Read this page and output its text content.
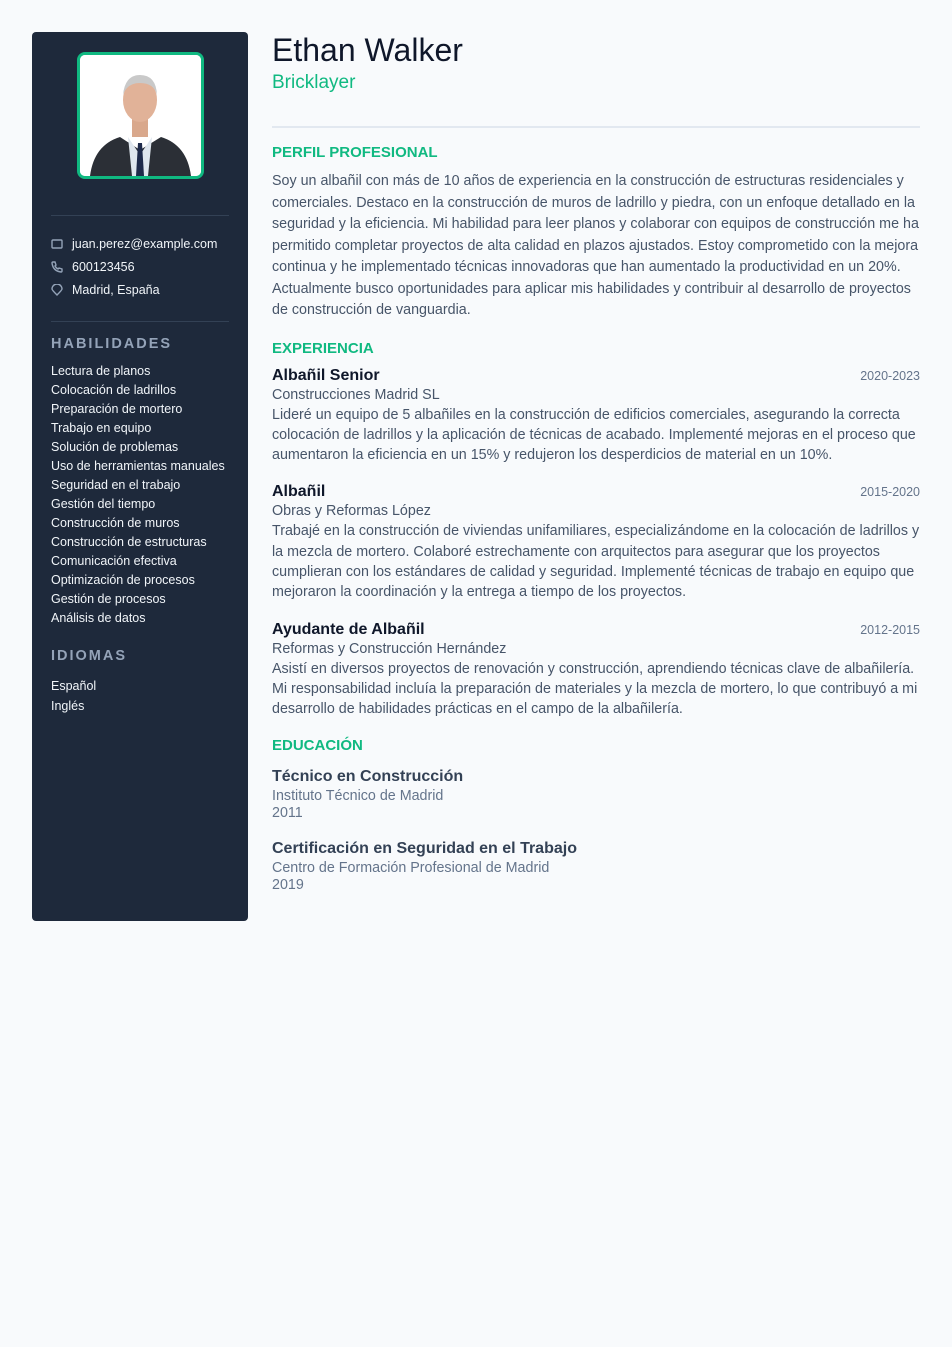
juan.perez@example.com
600123456
Madrid, España
HABILIDADES
Lectura de planos
Colocación de ladrillos
Preparación de mortero
Trabajo en equipo
Solución de problemas
Uso de herramientas manuales
Seguridad en el trabajo
Gestión del tiempo
Construcción de muros
Construcción de estructuras
Comunicación efectiva
Optimización de procesos
Gestión de procesos
Análisis de datos
IDIOMAS
Español
Inglés
Ethan Walker
Bricklayer
PERFIL PROFESIONAL

Soy un albañil con más de 10 años de experiencia en la construcción de estructuras residenciales y comerciales. Destaco en la construcción de muros de ladrillo y piedra, con un enfoque detallado en la seguridad y la eficiencia. Mi habilidad para leer planos y colaborar con equipos de construcción me ha permitido completar proyectos de alta calidad en plazos ajustados. Estoy comprometido con la mejora continua y he implementado técnicas innovadoras que han aumentado la productividad en un 20%. Actualmente busco oportunidades para aplicar mis habilidades y contribuir al desarrollo de proyectos de construcción de vanguardia.

EXPERIENCIA
Albañil Senior	2020-2023
Construcciones Madrid SL
Lideré un equipo de 5 albañiles en la construcción de edificios comerciales, asegurando la correcta colocación de ladrillos y la aplicación de técnicas de acabado. Implementé mejoras en el proceso que aumentaron la eficiencia en un 15% y redujeron los desperdicios de material en un 10%.
Albañil	2015-2020
Obras y Reformas López
Trabajé en la construcción de viviendas unifamiliares, especializándome en la colocación de ladrillos y la mezcla de mortero. Colaboré estrechamente con arquitectos para asegurar que los proyectos cumplieran con los estándares de calidad y seguridad. Implementé técnicas de trabajo en equipo que mejoraron la coordinación y la entrega a tiempo de los proyectos.
Ayudante de Albañil	2012-2015
Reformas y Construcción Hernández
Asistí en diversos proyectos de renovación y construcción, aprendiendo técnicas clave de albañilería. Mi responsabilidad incluía la preparación de materiales y la mezcla de mortero, lo que contribuyó a mi desarrollo de habilidades prácticas en el campo de la albañilería.
EDUCACIÓN
Técnico en Construcción
Instituto Técnico de Madrid
2011
Certificación en Seguridad en el Trabajo
Centro de Formación Profesional de Madrid
2019
